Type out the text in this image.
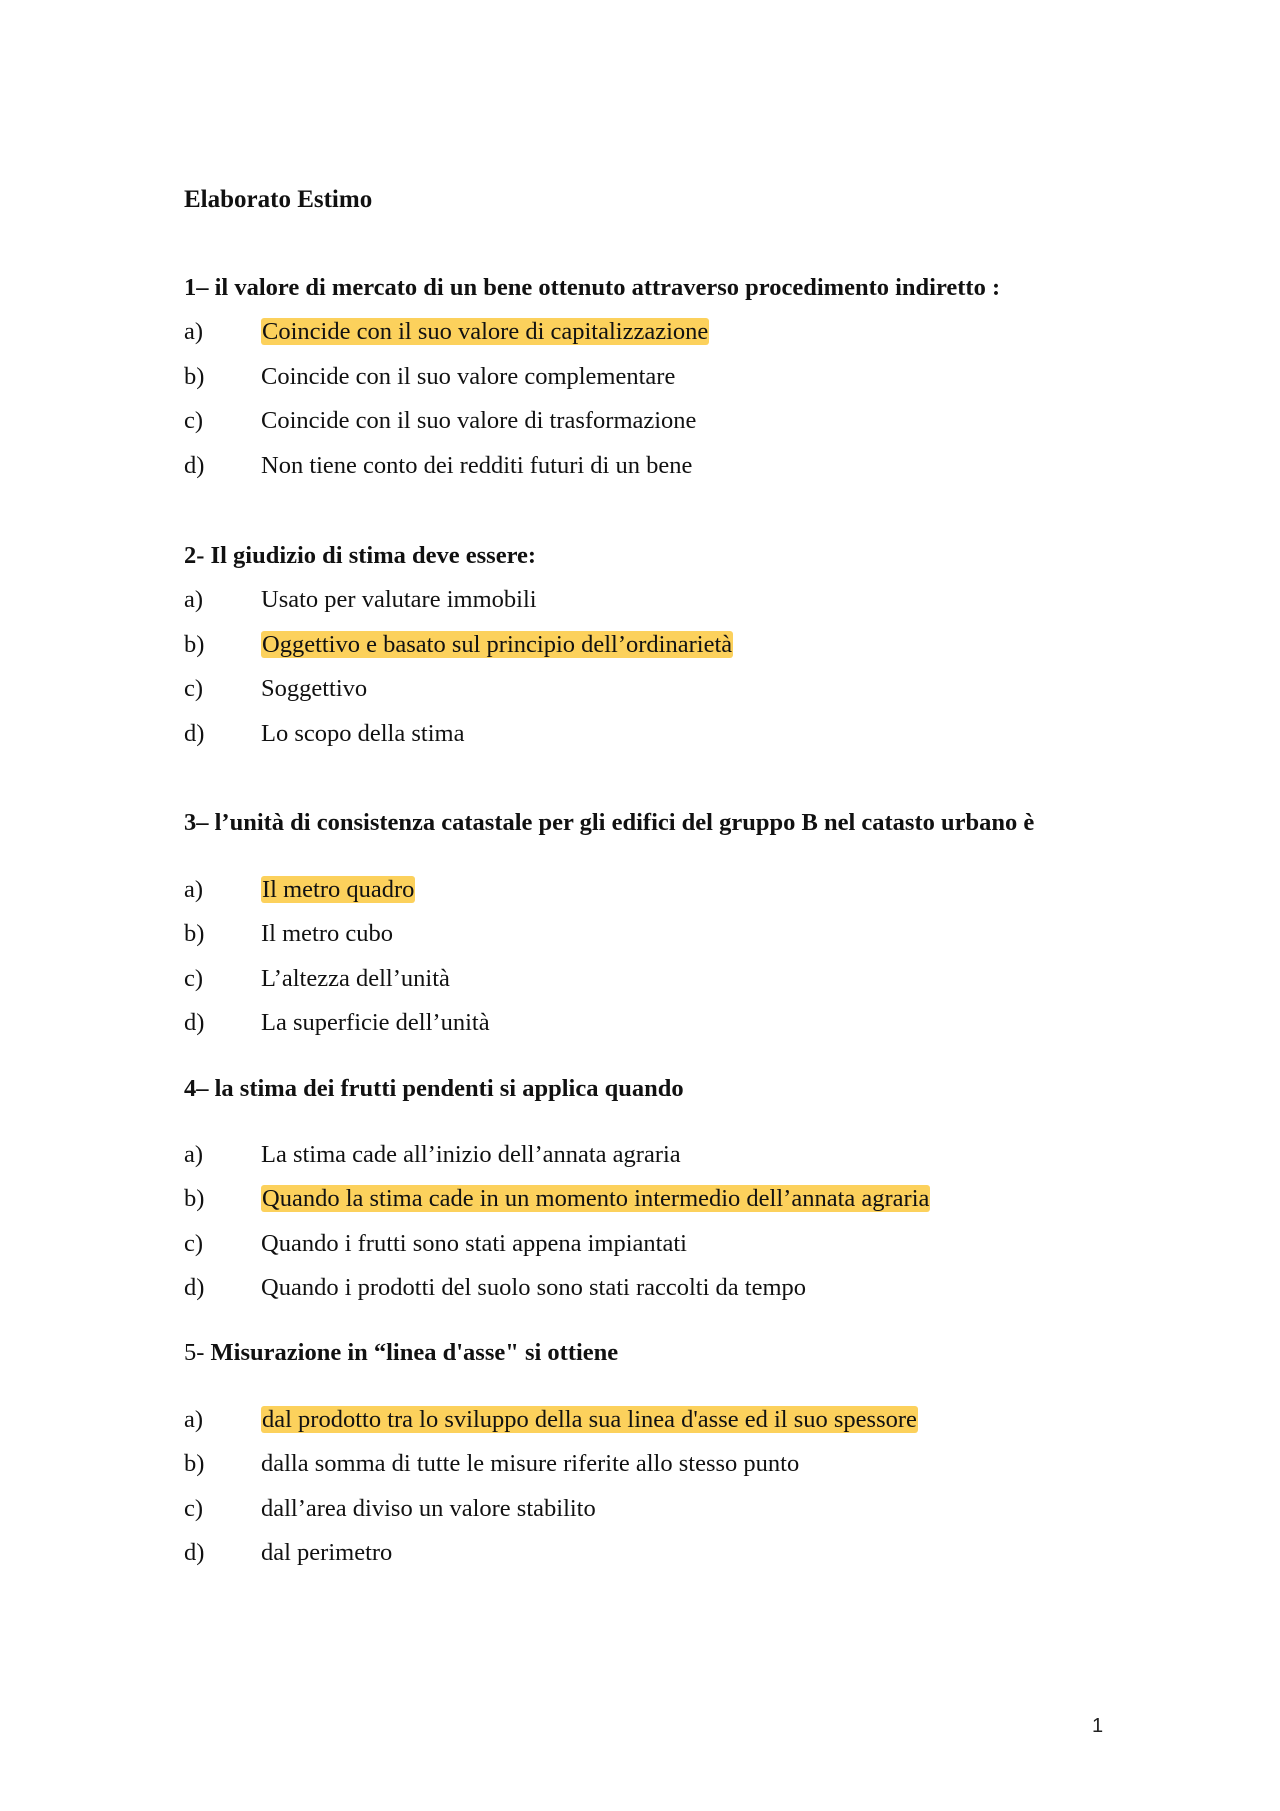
Elaborato Estimo
1– il valore di mercato di un bene ottenuto attraverso procedimento indiretto :
a) Coincide con il suo valore di capitalizzazione
b) Coincide con il suo valore complementare
c) Coincide con il suo valore di trasformazione
d) Non tiene conto dei redditi futuri di un bene
2- Il giudizio di stima deve essere:
a) Usato per valutare immobili
b) Oggettivo e basato sul principio dell’ordinarietà
c) Soggettivo
d) Lo scopo della stima
3– l’unità di consistenza catastale per gli edifici del gruppo B nel catasto urbano è
a) Il metro quadro
b) Il metro cubo
c) L’altezza dell’unità
d) La superficie dell’unità
4– la stima dei frutti pendenti si applica quando
a) La stima cade all’inizio dell’annata agraria
b) Quando la stima cade in un momento intermedio dell’annata agraria
c) Quando i frutti sono stati appena impiantati
d) Quando i prodotti del suolo sono stati raccolti da tempo
5- Misurazione in “linea d'asse" si ottiene
a) dal prodotto tra lo sviluppo della sua linea d'asse ed il suo spessore
b) dalla somma di tutte le misure riferite allo stesso punto
c) dall’area diviso un valore stabilito
d) dal perimetro
1
